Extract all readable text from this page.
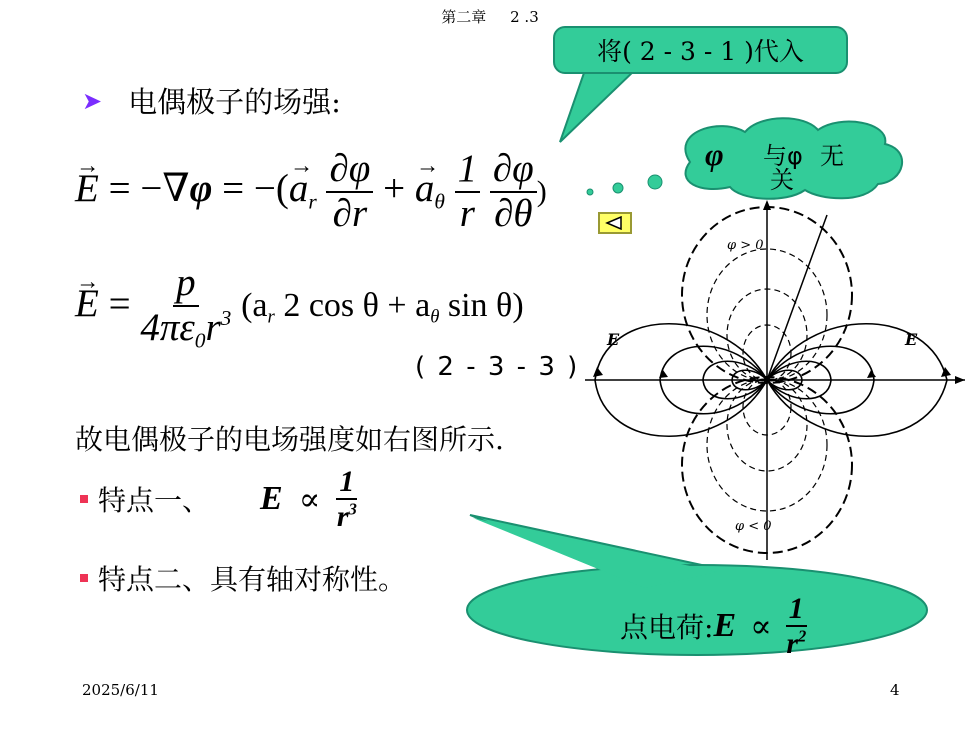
第二章 2 .3
将( 2 - 3 - 1 )代入
φ 与φ 无
关
➤ 电偶极子的场强:
→ E = −∇φ = −(→ $a_r \frac{\partial\varphi}{\partial r}$ + → $a_\theta \frac{1}{r}$
$\frac{\partial\varphi}{\partial\theta}$ )
→ $E = \frac{p}{4\pi\varepsilon_0r^3} (a_r$ 2 $\cos \theta + a_\theta$ sin θ)
( 2 - 3 - 3 )
故电偶极子的电场强度如右图所示.
特点一、 $E \propto \frac{1}{r^3}$
特点二、具有轴对称性。
点电荷: $E \propto \frac{1}{r^2}$
E	E
φ > 0
φ < 0
2025/6/11	4
